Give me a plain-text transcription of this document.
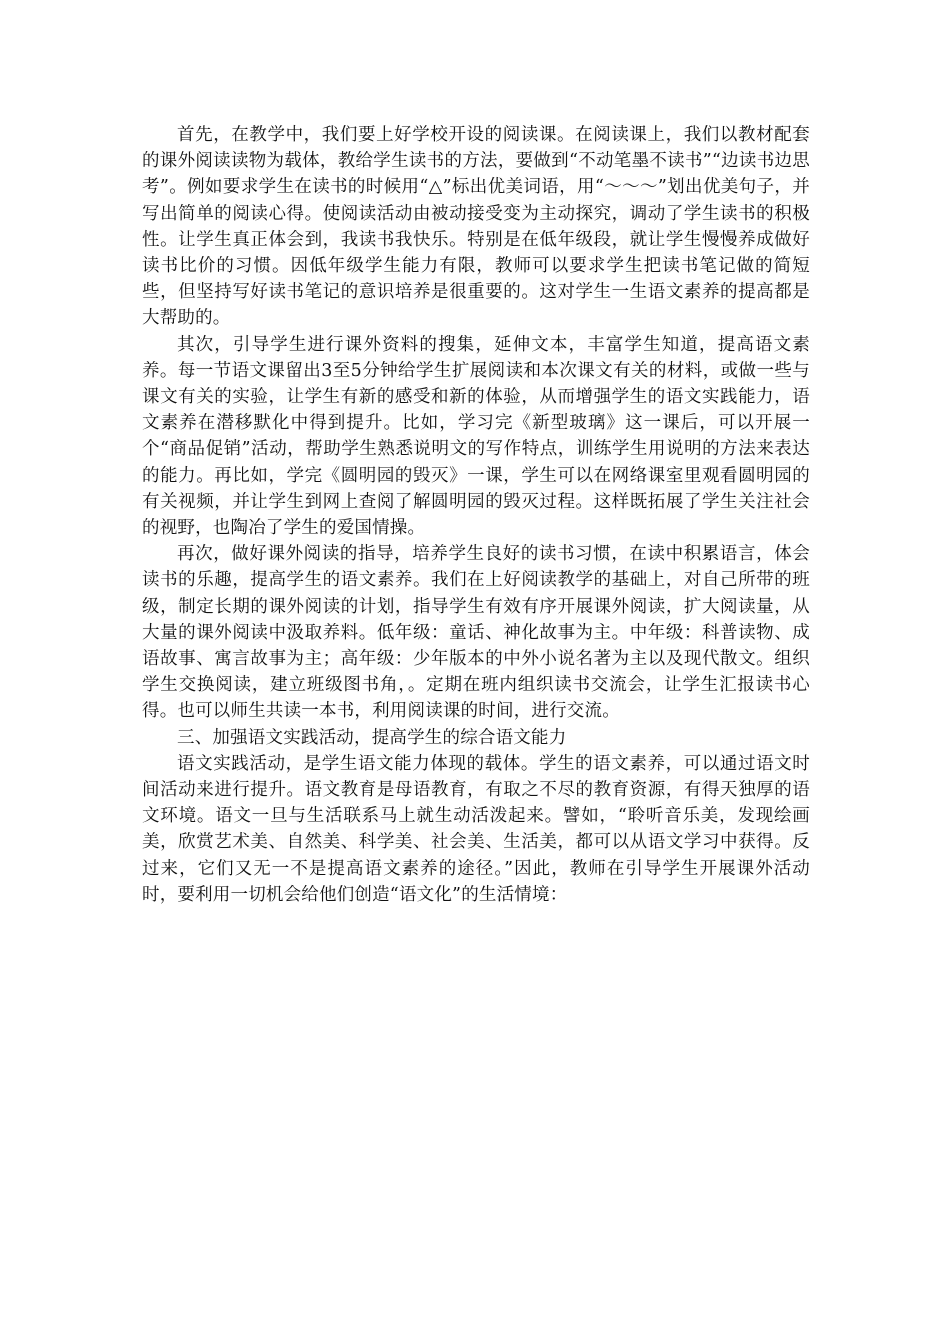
首先，在教学中，我们要上好学校开设的阅读课。在阅读课上，我们以教材配套的课外阅读读物为载体，教给学生读书的方法，要做到“不动笔墨不读书”“边读书边思考”。例如要求学生在读书的时候用“△”标出优美词语，用“～～～”划出优美句子，并写出简单的阅读心得。使阅读活动由被动接受变为主动探究，调动了学生读书的积极性。让学生真正体会到，我读书我快乐。特别是在低年级段，就让学生慢慢养成做好读书比价的习惯。因低年级学生能力有限，教师可以要求学生把读书笔记做的简短些，但坚持写好读书笔记的意识培养是很重要的。这对学生一生语文素养的提高都是大帮助的。

其次，引导学生进行课外资料的搜集，延伸文本，丰富学生知道，提高语文素养。每一节语文课留出3至5分钟给学生扩展阅读和本次课文有关的材料，或做一些与课文有关的实验，让学生有新的感受和新的体验，从而增强学生的语文实践能力，语文素养在潜移默化中得到提升。比如，学习完《新型玻璃》这一课后，可以开展一个“商品促销”活动，帮助学生熟悉说明文的写作特点，训练学生用说明的方法来表达的能力。再比如，学完《圆明园的毁灭》一课，学生可以在网络课室里观看圆明园的有关视频，并让学生到网上查阅了解圆明园的毁灭过程。这样既拓展了学生关注社会的视野，也陶冶了学生的爱国情操。

再次，做好课外阅读的指导，培养学生良好的读书习惯，在读中积累语言，体会读书的乐趣，提高学生的语文素养。我们在上好阅读教学的基础上，对自己所带的班级，制定长期的课外阅读的计划，指导学生有效有序开展课外阅读，扩大阅读量，从大量的课外阅读中汲取养料。低年级：童话、神化故事为主。中年级：科普读物、成语故事、寓言故事为主；高年级：少年版本的中外小说名著为主以及现代散文。组织学生交换阅读，建立班级图书角，。定期在班内组织读书交流会，让学生汇报读书心得。也可以师生共读一本书，利用阅读课的时间，进行交流。

三、加强语文实践活动，提高学生的综合语文能力

语文实践活动，是学生语文能力体现的载体。学生的语文素养，可以通过语文时间活动来进行提升。语文教育是母语教育，有取之不尽的教育资源，有得天独厚的语文环境。语文一旦与生活联系马上就生动活泼起来。譬如，“聆听音乐美，发现绘画美，欣赏艺术美、自然美、科学美、社会美、生活美，都可以从语文学习中获得。反过来，它们又无一不是提高语文素养的途径。”因此，教师在引导学生开展课外活动时，要利用一切机会给他们创造“语文化”的生活情境：
